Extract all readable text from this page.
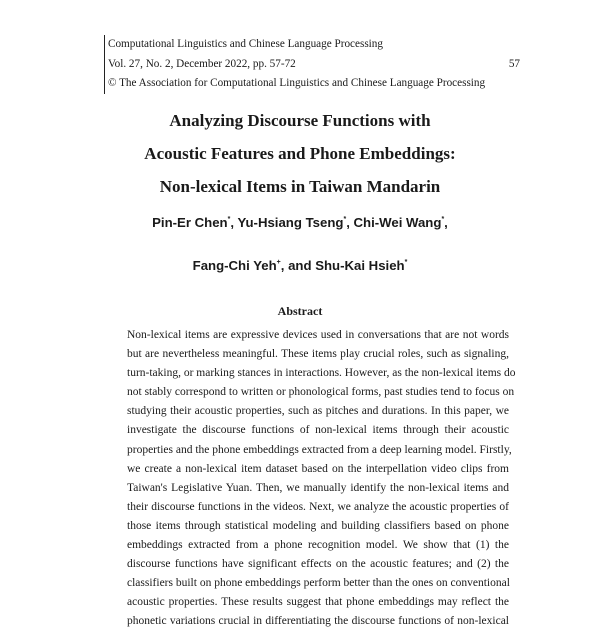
Computational Linguistics and Chinese Language Processing
Vol. 27, No. 2, December 2022, pp. 57-72	57
© The Association for Computational Linguistics and Chinese Language Processing
Analyzing Discourse Functions with
Acoustic Features and Phone Embeddings:
Non-lexical Items in Taiwan Mandarin
Pin-Er Chen*, Yu-Hsiang Tseng*, Chi-Wei Wang*,
Fang-Chi Yeh+, and Shu-Kai Hsieh*
Abstract
Non-lexical items are expressive devices used in conversations that are not words
but are nevertheless meaningful. These items play crucial roles, such as signaling,
turn-taking, or marking stances in interactions. However, as the non-lexical items do
not stably correspond to written or phonological forms, past studies tend to focus on
studying their acoustic properties, such as pitches and durations. In this paper, we
investigate the discourse functions of non-lexical items through their acoustic
properties and the phone embeddings extracted from a deep learning model. Firstly,
we create a non-lexical item dataset based on the interpellation video clips from
Taiwan's Legislative Yuan. Then, we manually identify the non-lexical items and
their discourse functions in the videos. Next, we analyze the acoustic properties of
those items through statistical modeling and building classifiers based on phone
embeddings extracted from a phone recognition model. We show that (1) the
discourse functions have significant effects on the acoustic features; and (2) the
classifiers built on phone embeddings perform better than the ones on conventional
acoustic properties. These results suggest that phone embeddings may reflect the
phonetic variations crucial in differentiating the discourse functions of non-lexical
